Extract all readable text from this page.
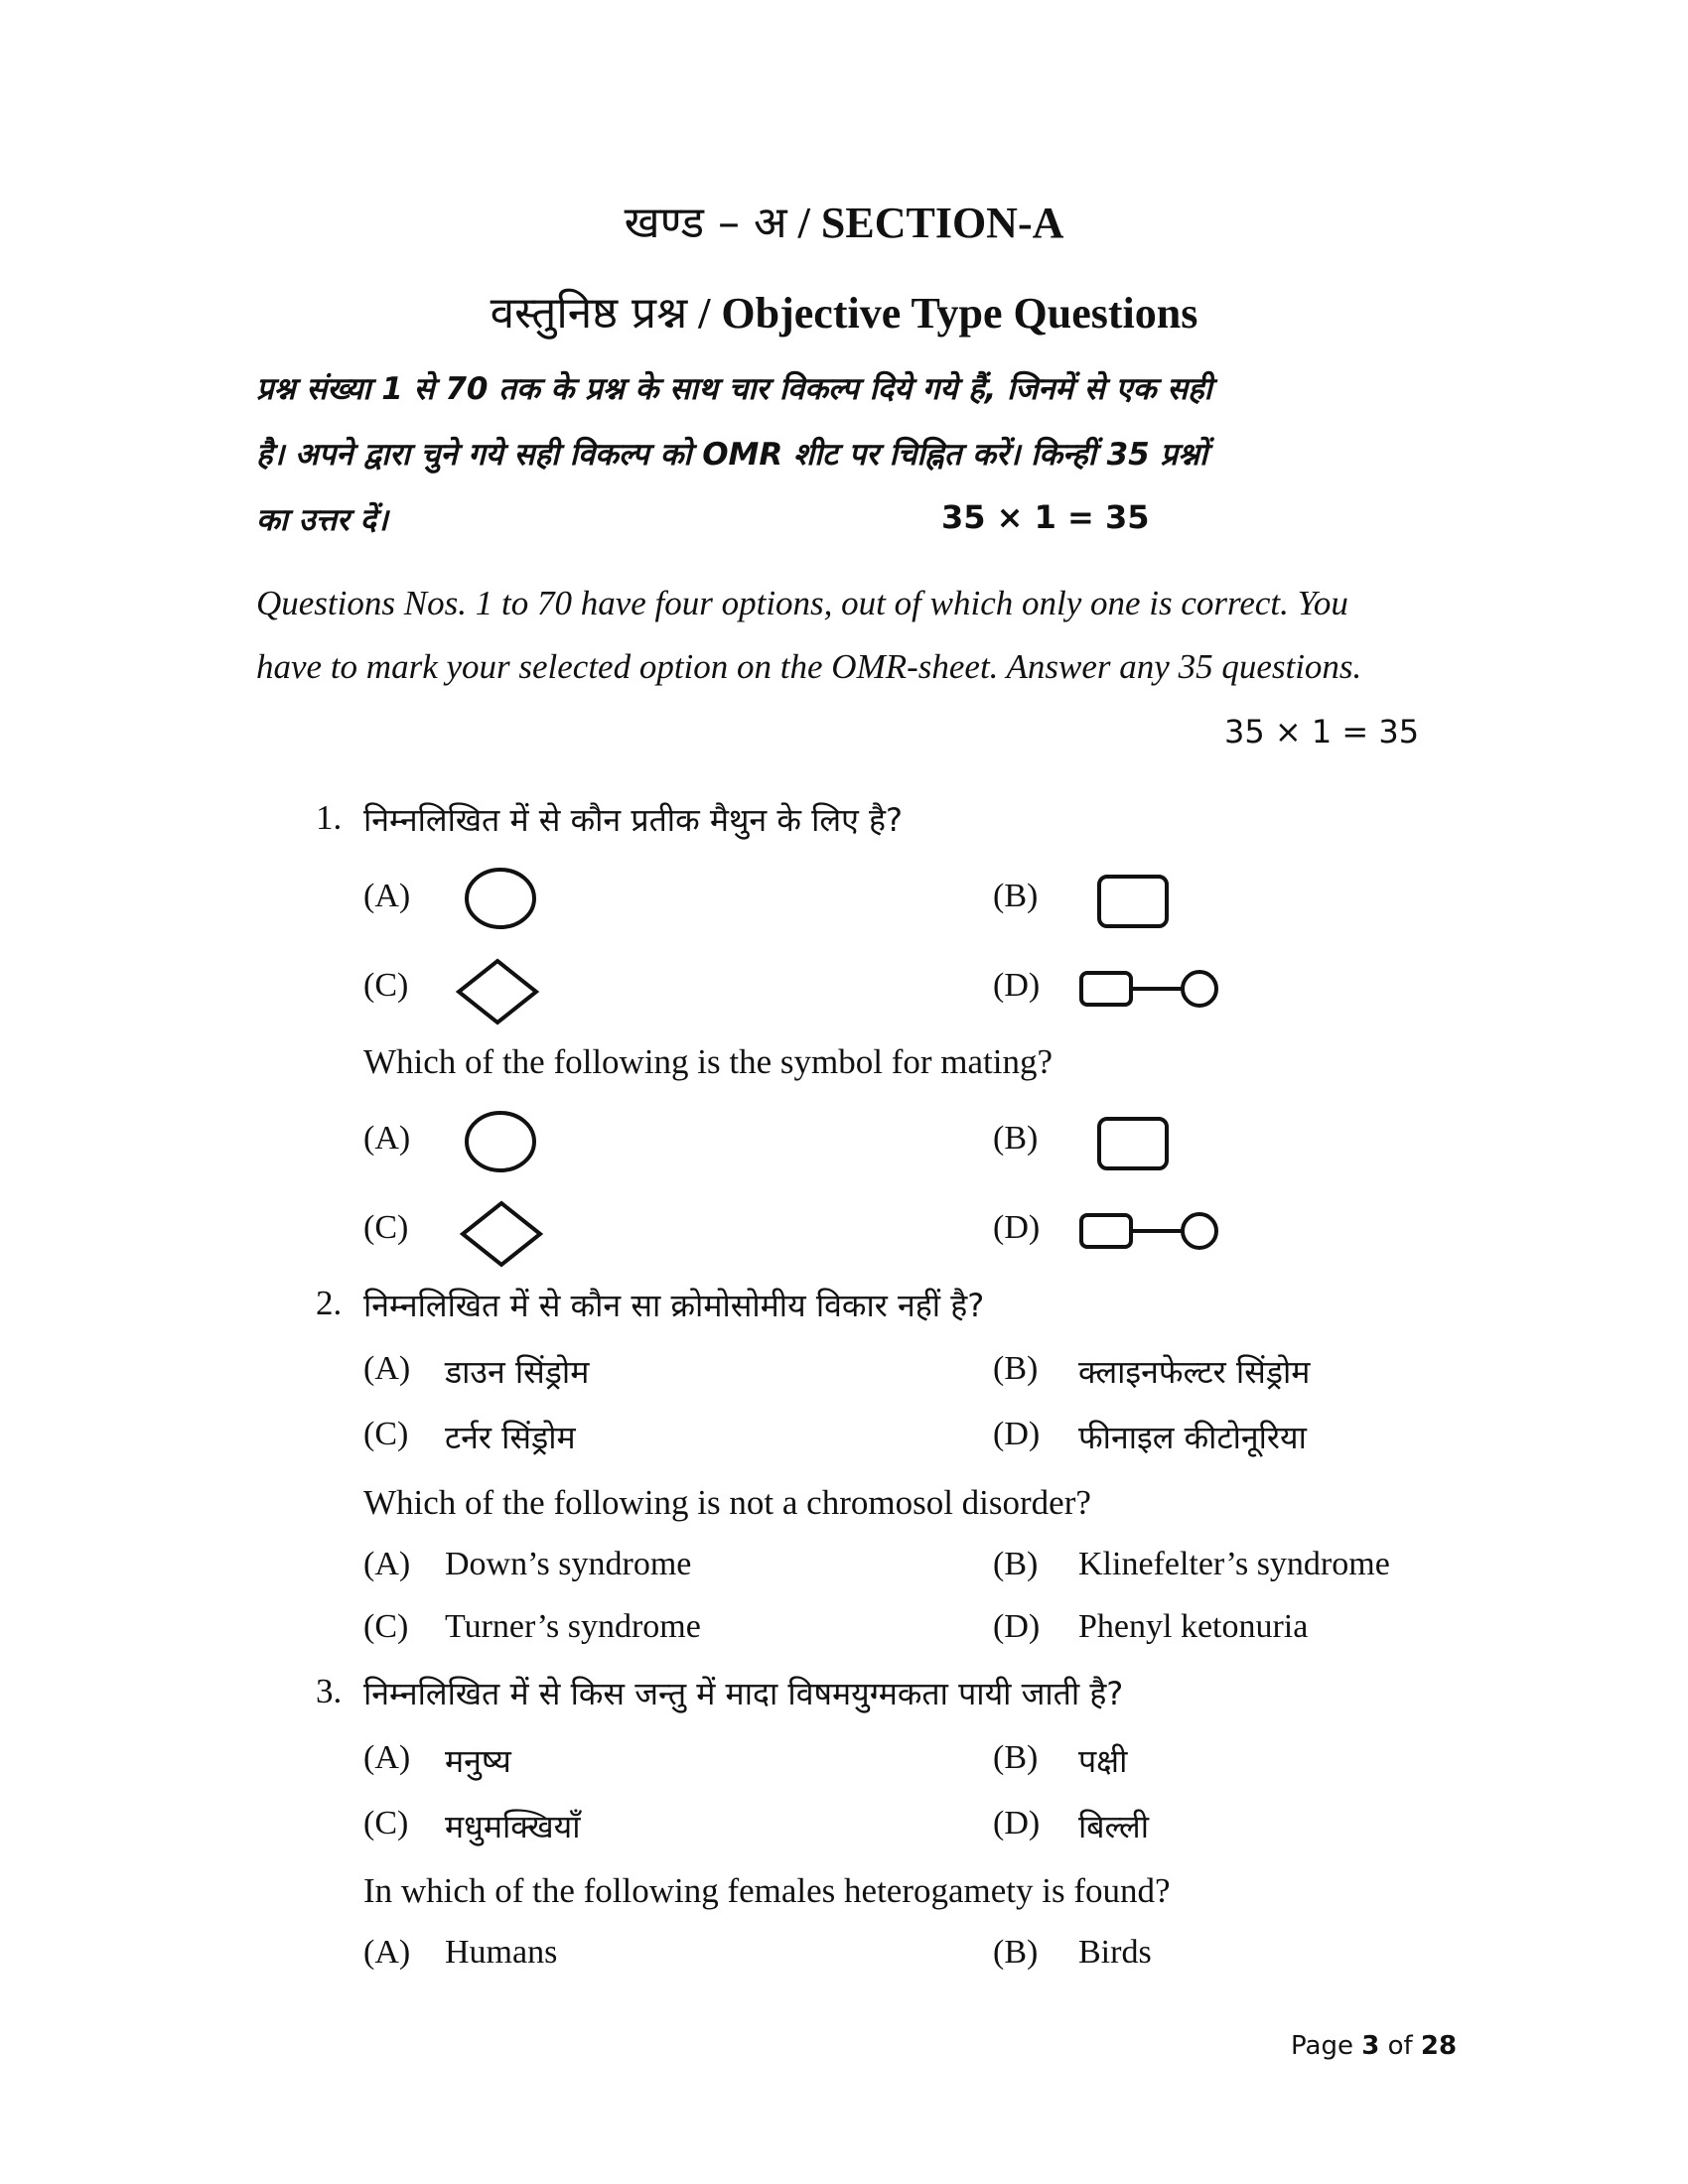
खण्ड – अ / SECTION-A
वस्तुनिष्ठ प्रश्न / Objective Type Questions
प्रश्न संख्या 1 से 70 तक के प्रश्न के साथ चार विकल्प दिये गये हैं, जिनमें से एक सही
है। अपने द्वारा चुने गये सही विकल्प को OMR शीट पर चिह्नित करें। किन्हीं 35 प्रश्नों
का उत्तर दें।	35 × 1 = 35
Questions Nos. 1 to 70 have four options, out of which only one is correct. You
have to mark your selected option on the OMR-sheet. Answer any 35 questions.
35 × 1 = 35
1. निम्नलिखित में से कौन प्रतीक मैथुन के लिए है?
(A)	(B)
(C)	(D)
Which of the following is the symbol for mating?
(A)	(B)
(C)	(D)
2. निम्नलिखित में से कौन सा क्रोमोसोमीय विकार नहीं है?
(A) डाउन सिंड्रोम	(B) क्लाइनफेल्टर सिंड्रोम
(C) टर्नर सिंड्रोम	(D) फीनाइल कीटोनूरिया
Which of the following is not a chromosol disorder?
(A) Down’s syndrome	(B) Klinefelter’s syndrome
(C) Turner’s syndrome	(D) Phenyl ketonuria
3. निम्नलिखित में से किस जन्तु में मादा विषमयुग्मकता पायी जाती है?
(A) मनुष्य	(B) पक्षी
(C) मधुमक्खियाँ	(D) बिल्ली
In which of the following females heterogamety is found?
(A) Humans	(B) Birds
Page 3 of 28
